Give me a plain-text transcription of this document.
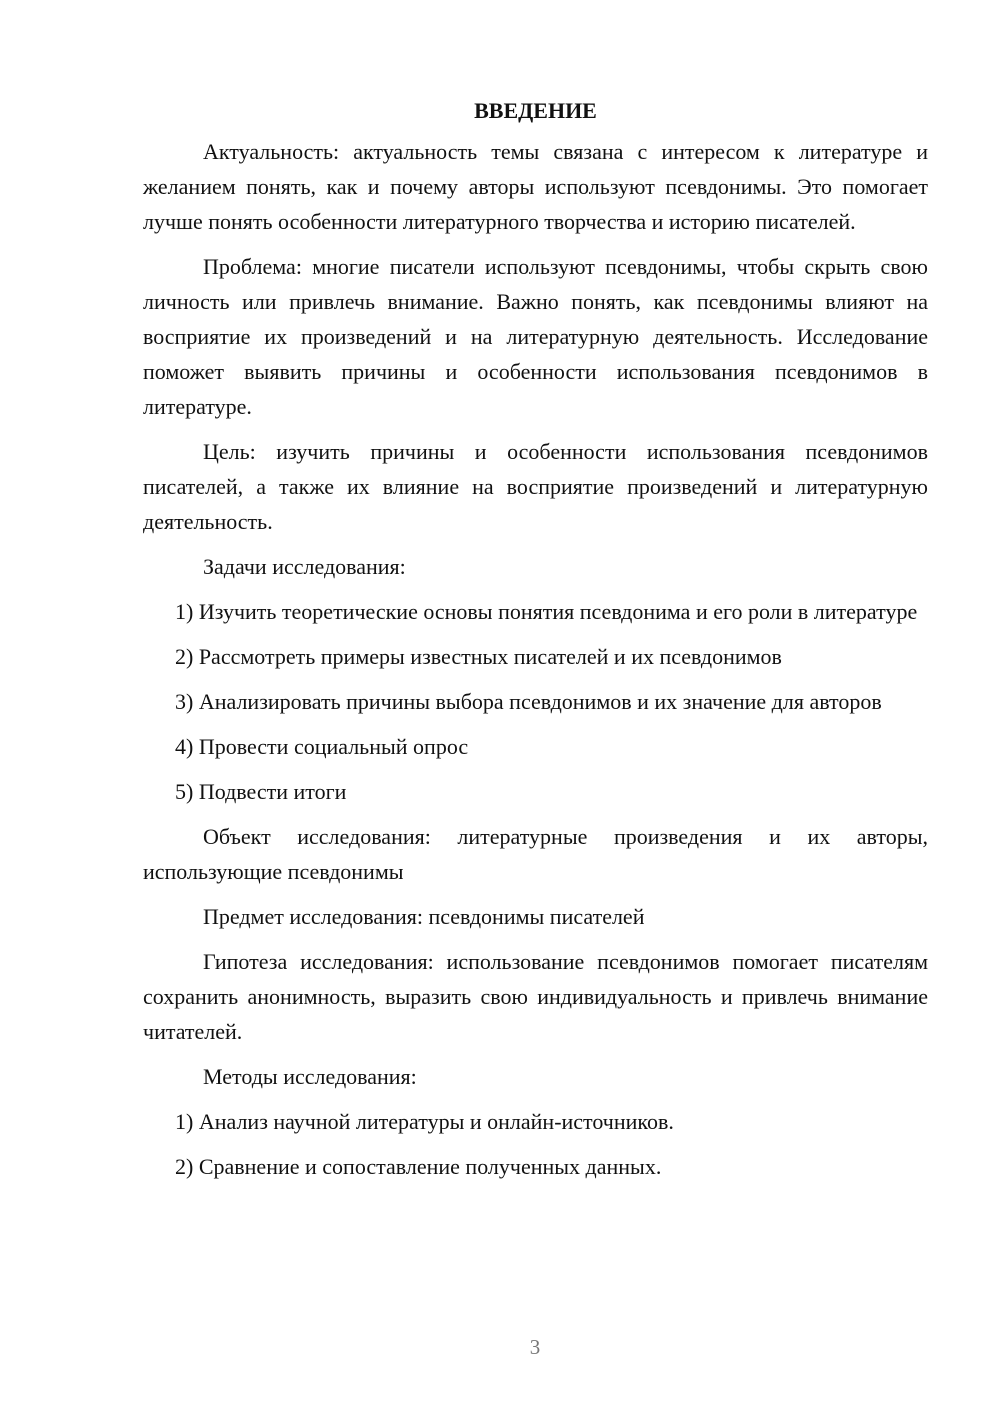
ВВЕДЕНИЕ

Актуальность: актуальность темы связана с интересом к литературе и желанием понять, как и почему авторы используют псевдонимы. Это помогает лучше понять особенности литературного творчества и историю писателей.

Проблема: многие писатели используют псевдонимы, чтобы скрыть свою личность или привлечь внимание. Важно понять, как псевдонимы влияют на восприятие их произведений и на литературную деятельность. Исследование поможет выявить причины и особенности использования псевдонимов в литературе.

Цель: изучить причины и особенности использования псевдонимов писателей, а также их влияние на восприятие произведений и литературную деятельность.

Задачи исследования:

1) Изучить теоретические основы понятия псевдонима и его роли в литературе

2) Рассмотреть примеры известных писателей и их псевдонимов

3) Анализировать причины выбора псевдонимов и их значение для авторов

4) Провести социальный опрос

5) Подвести итоги

Объект исследования: литературные произведения и их авторы, использующие псевдонимы

Предмет исследования: псевдонимы писателей

Гипотеза исследования: использование псевдонимов помогает писателям сохранить анонимность, выразить свою индивидуальность и привлечь внимание читателей.

Методы исследования:

1) Анализ научной литературы и онлайн-источников.

2) Сравнение и сопоставление полученных данных.

3
